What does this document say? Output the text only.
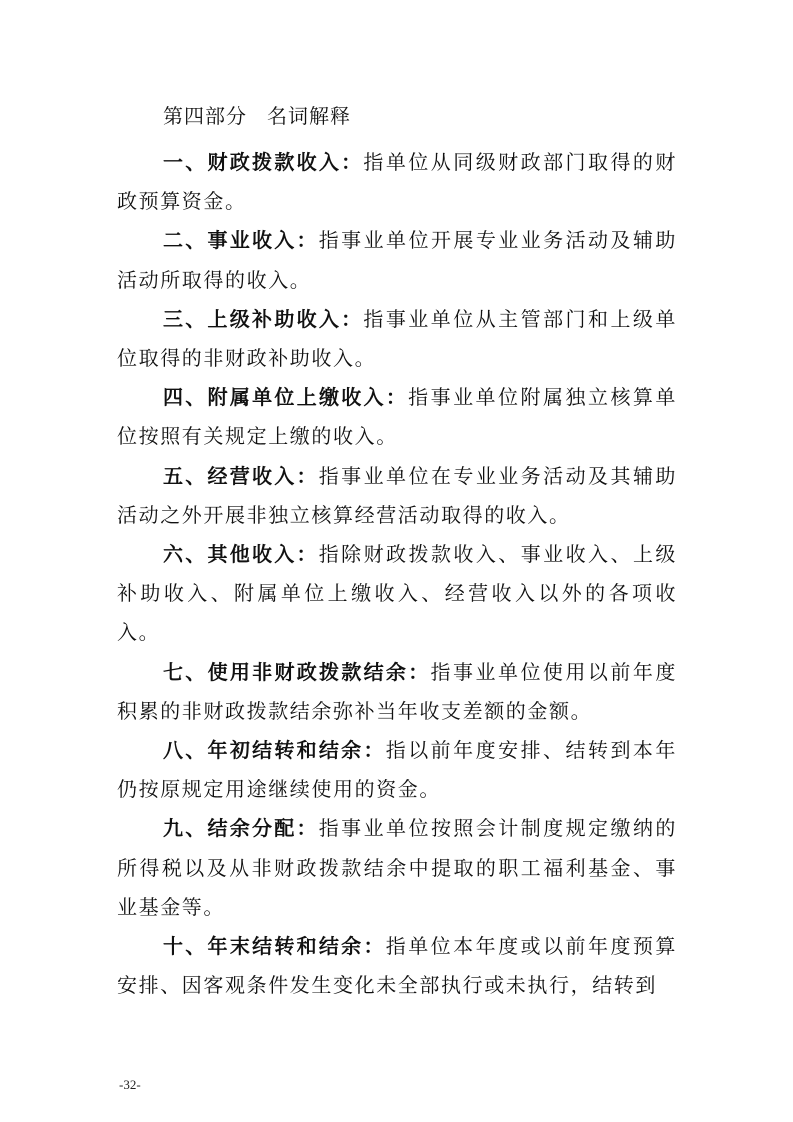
第四部分 名词解释

一、财政拨款收入：指单位从同级财政部门取得的财政预算资金。

二、事业收入：指事业单位开展专业业务活动及辅助活动所取得的收入。

三、上级补助收入：指事业单位从主管部门和上级单位取得的非财政补助收入。

四、附属单位上缴收入：指事业单位附属独立核算单位按照有关规定上缴的收入。

五、经营收入：指事业单位在专业业务活动及其辅助活动之外开展非独立核算经营活动取得的收入。

六、其他收入：指除财政拨款收入、事业收入、上级补助收入、附属单位上缴收入、经营收入以外的各项收入。

七、使用非财政拨款结余：指事业单位使用以前年度积累的非财政拨款结余弥补当年收支差额的金额。

八、年初结转和结余：指以前年度安排、结转到本年仍按原规定用途继续使用的资金。

九、结余分配：指事业单位按照会计制度规定缴纳的所得税以及从非财政拨款结余中提取的职工福利基金、事业基金等。

十、年末结转和结余：指单位本年度或以前年度预算安排、因客观条件发生变化未全部执行或未执行，结转到

-32-
